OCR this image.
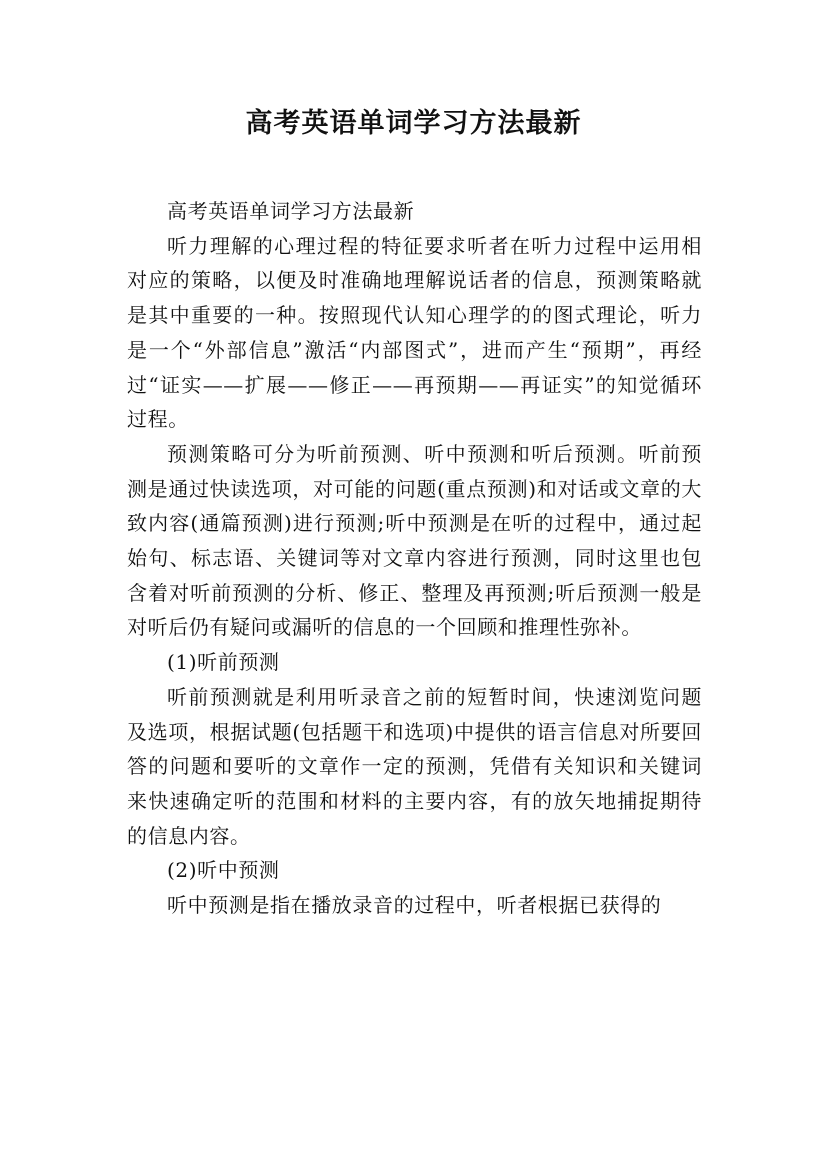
高考英语单词学习方法最新

高考英语单词学习方法最新

听力理解的心理过程的特征要求听者在听力过程中运用相对应的策略，以便及时准确地理解说话者的信息，预测策略就是其中重要的一种。按照现代认知心理学的的图式理论，听力是一个“外部信息”激活“内部图式”，进而产生“预期”，再经过“证实——扩展——修正——再预期——再证实”的知觉循环过程。

预测策略可分为听前预测、听中预测和听后预测。听前预测是通过快读选项，对可能的问题(重点预测)和对话或文章的大致内容(通篇预测)进行预测;听中预测是在听的过程中，通过起始句、标志语、关键词等对文章内容进行预测，同时这里也包含着对听前预测的分析、修正、整理及再预测;听后预测一般是对听后仍有疑问或漏听的信息的一个回顾和推理性弥补。

(1)听前预测

听前预测就是利用听录音之前的短暂时间，快速浏览问题及选项，根据试题(包括题干和选项)中提供的语言信息对所要回答的问题和要听的文章作一定的预测，凭借有关知识和关键词来快速确定听的范围和材料的主要内容，有的放矢地捕捉期待的信息内容。

(2)听中预测

听中预测是指在播放录音的过程中，听者根据已获得的
